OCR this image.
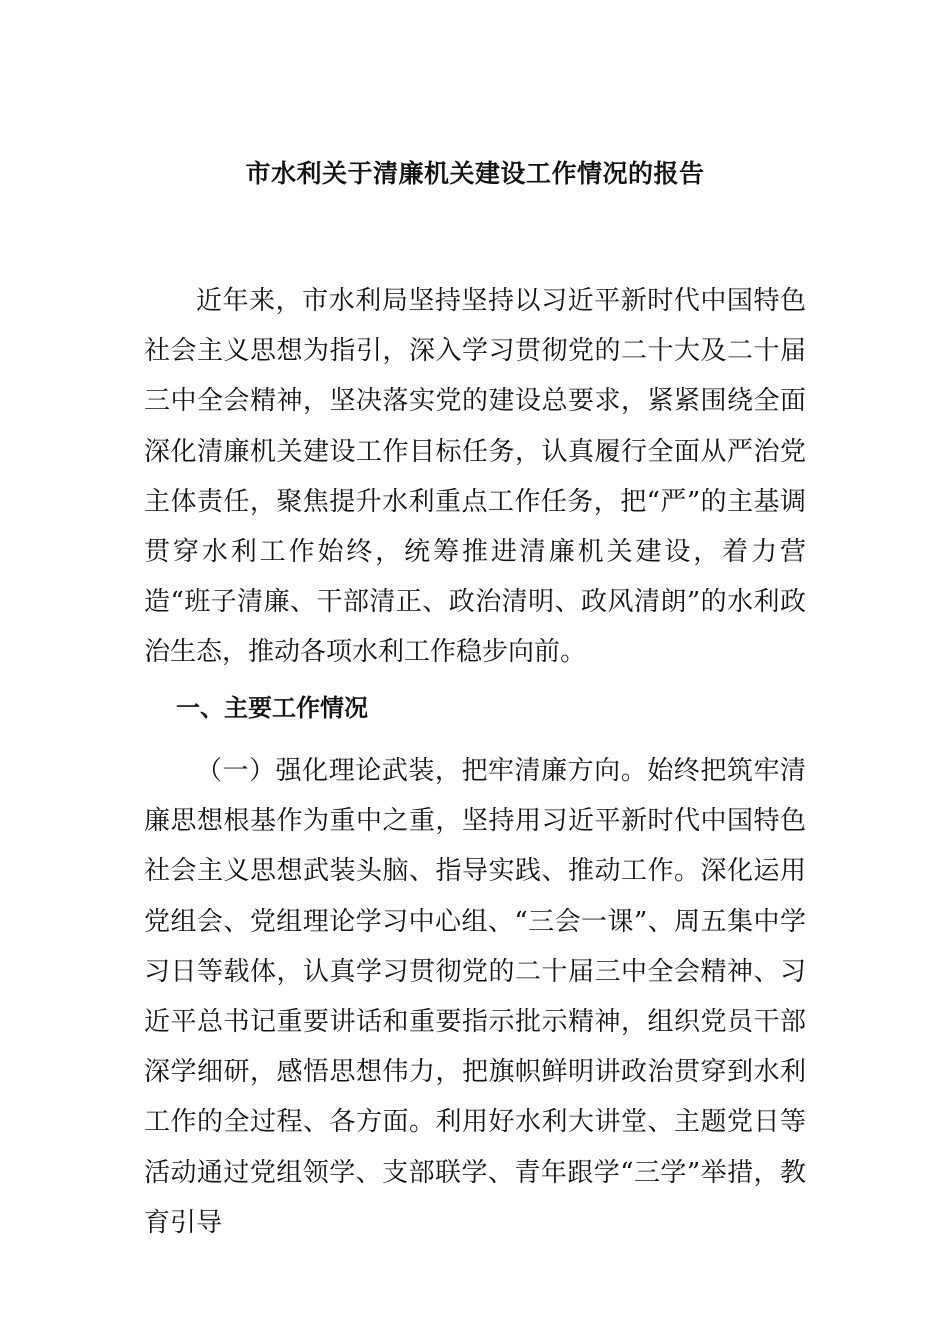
市水利关于清廉机关建设工作情况的报告

近年来，市水利局坚持坚持以习近平新时代中国特色社会主义思想为指引，深入学习贯彻党的二十大及二十届三中全会精神，坚决落实党的建设总要求，紧紧围绕全面深化清廉机关建设工作目标任务，认真履行全面从严治党主体责任，聚焦提升水利重点工作任务，把“严”的主基调贯穿水利工作始终，统筹推进清廉机关建设，着力营造“班子清廉、干部清正、政治清明、政风清朗”的水利政治生态，推动各项水利工作稳步向前。

一、主要工作情况

（一）强化理论武装，把牢清廉方向。始终把筑牢清廉思想根基作为重中之重，坚持用习近平新时代中国特色社会主义思想武装头脑、指导实践、推动工作。深化运用党组会、党组理论学习中心组、“三会一课”、周五集中学习日等载体，认真学习贯彻党的二十届三中全会精神、习近平总书记重要讲话和重要指示批示精神，组织党员干部深学细研，感悟思想伟力，把旗帜鲜明讲政治贯穿到水利工作的全过程、各方面。利用好水利大讲堂、主题党日等活动通过党组领学、支部联学、青年跟学“三学”举措，教育引导
